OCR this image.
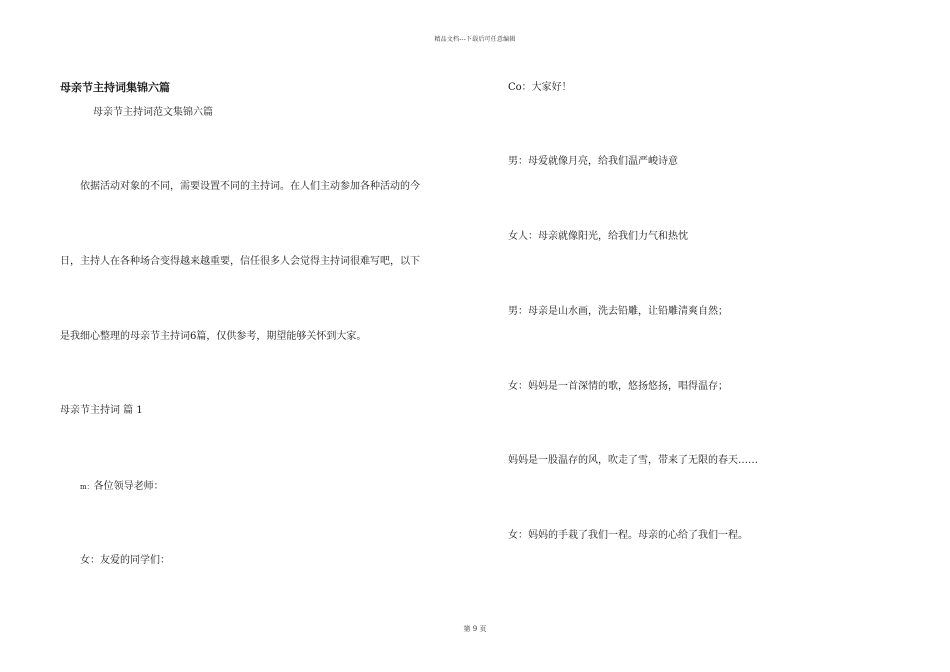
精品文档---下载后可任意编辑
母亲节主持词集锦六篇
母亲节主持词范文集锦六篇
依据活动对象的不同，需要设置不同的主持词。在人们主动参加各种活动的今
日，主持人在各种场合变得越来越重要，信任很多人会觉得主持词很难写吧，以下
是我细心整理的母亲节主持词6篇，仅供参考，期望能够关怀到大家。
母亲节主持词 篇 1
m：各位领导老师：
女：友爱的同学们：
Co：大家好！
男：母爱就像月亮，给我们温严峻诗意
女人：母亲就像阳光，给我们力气和热忱
男：母亲是山水画，洗去铅雕，让铅雕清爽自然；
女：妈妈是一首深情的歌，悠扬悠扬，唱得温存；
妈妈是一股温存的风，吹走了雪，带来了无限的春天……
女：妈妈的手栽了我们一程。母亲的心给了我们一程。
第 9 页
